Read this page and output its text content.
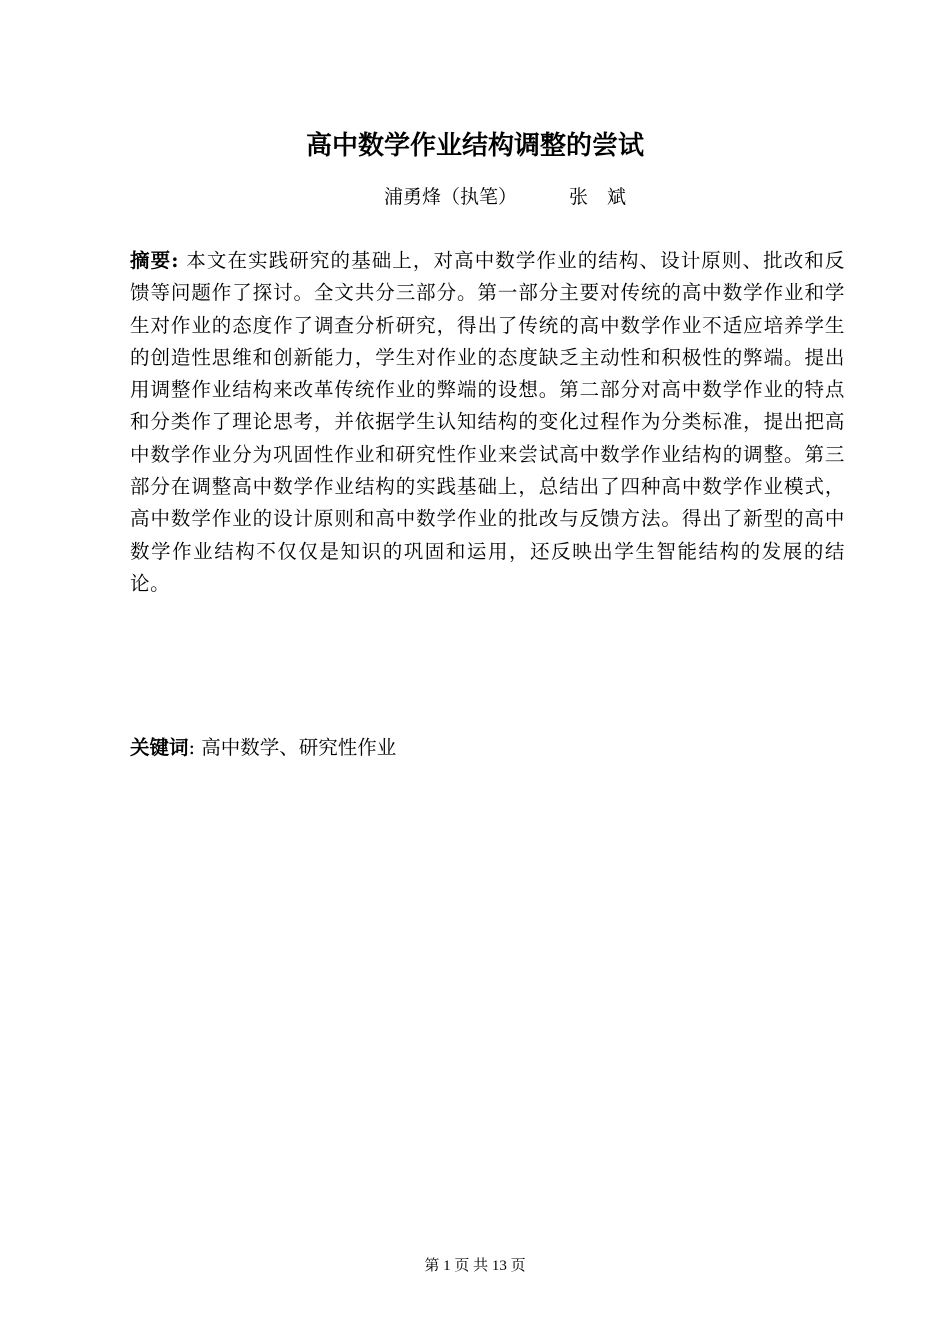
高中数学作业结构调整的尝试

浦勇烽（执笔）	张　斌

摘要: 本文在实践研究的基础上，对高中数学作业的结构、设计原则、批改和反馈等问题作了探讨。全文共分三部分。第一部分主要对传统的高中数学作业和学生对作业的态度作了调查分析研究，得出了传统的高中数学作业不适应培养学生的创造性思维和创新能力，学生对作业的态度缺乏主动性和积极性的弊端。提出用调整作业结构来改革传统作业的弊端的设想。第二部分对高中数学作业的特点和分类作了理论思考，并依据学生认知结构的变化过程作为分类标准，提出把高中数学作业分为巩固性作业和研究性作业来尝试高中数学作业结构的调整。第三部分在调整高中数学作业结构的实践基础上，总结出了四种高中数学作业模式，高中数学作业的设计原则和高中数学作业的批改与反馈方法。得出了新型的高中数学作业结构不仅仅是知识的巩固和运用，还反映出学生智能结构的发展的结论。

关键词: 高中数学、研究性作业

第 1 页 共 13 页
